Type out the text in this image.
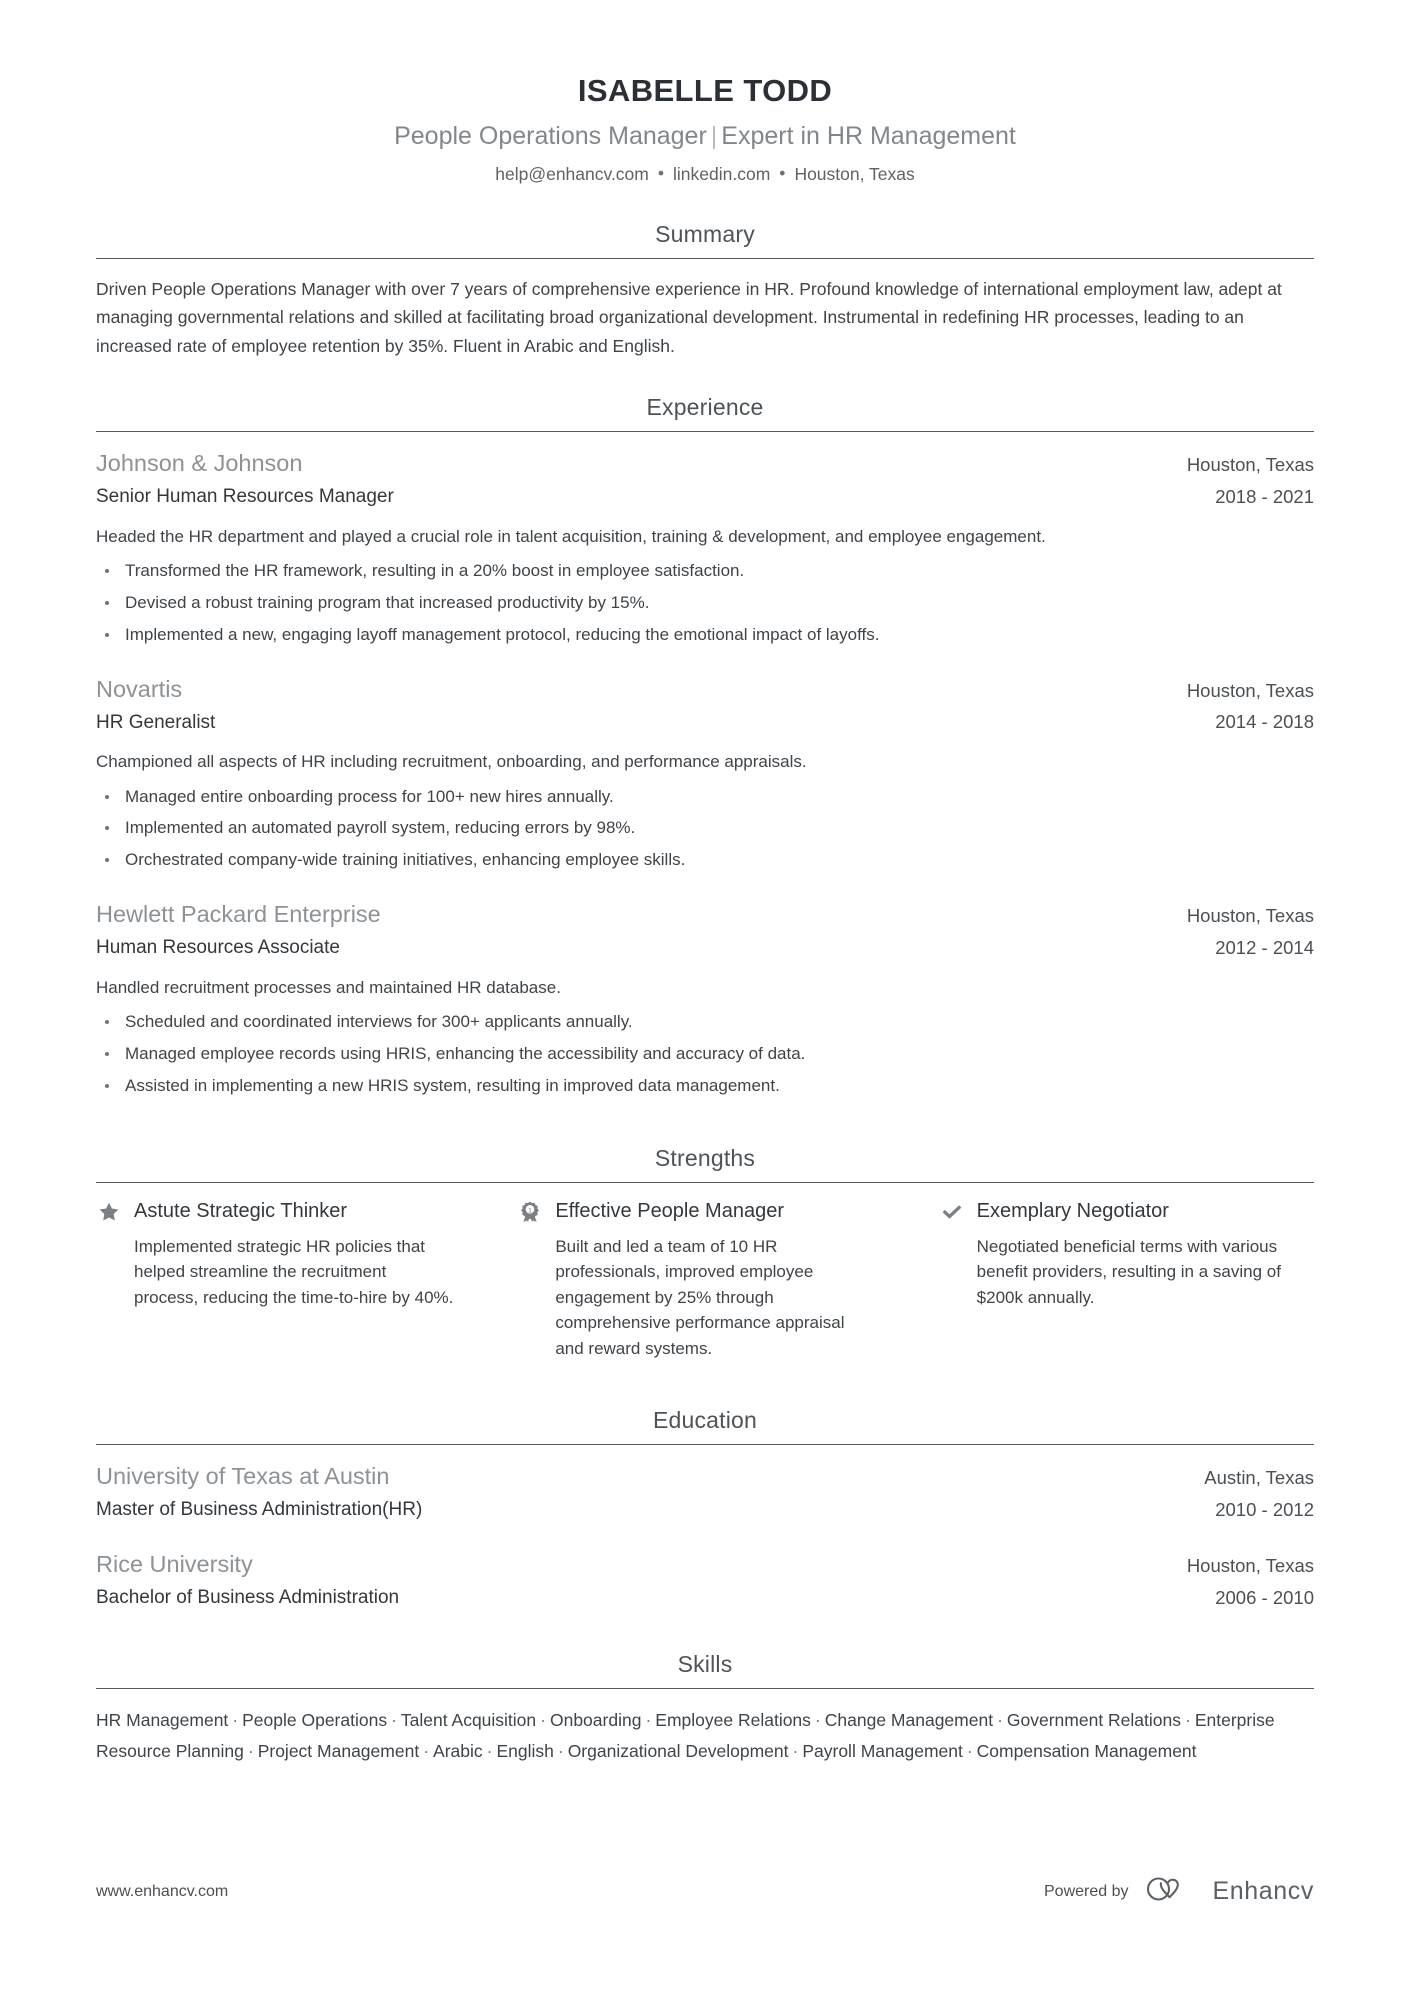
ISABELLE TODD
People Operations Manager | Expert in HR Management
help@enhancv.com • linkedin.com • Houston, Texas
Summary
Driven People Operations Manager with over 7 years of comprehensive experience in HR. Profound knowledge of international employment law, adept at managing governmental relations and skilled at facilitating broad organizational development. Instrumental in redefining HR processes, leading to an increased rate of employee retention by 35%. Fluent in Arabic and English.
Experience
Johnson & Johnson
Senior Human Resources Manager
Houston, Texas
2018 - 2021
Headed the HR department and played a crucial role in talent acquisition, training & development, and employee engagement.
Transformed the HR framework, resulting in a 20% boost in employee satisfaction.
Devised a robust training program that increased productivity by 15%.
Implemented a new, engaging layoff management protocol, reducing the emotional impact of layoffs.
Novartis
HR Generalist
Houston, Texas
2014 - 2018
Championed all aspects of HR including recruitment, onboarding, and performance appraisals.
Managed entire onboarding process for 100+ new hires annually.
Implemented an automated payroll system, reducing errors by 98%.
Orchestrated company-wide training initiatives, enhancing employee skills.
Hewlett Packard Enterprise
Human Resources Associate
Houston, Texas
2012 - 2014
Handled recruitment processes and maintained HR database.
Scheduled and coordinated interviews for 300+ applicants annually.
Managed employee records using HRIS, enhancing the accessibility and accuracy of data.
Assisted in implementing a new HRIS system, resulting in improved data management.
Strengths
Astute Strategic Thinker
Implemented strategic HR policies that helped streamline the recruitment process, reducing the time-to-hire by 40%.
1 Effective People Manager
Built and led a team of 10 HR professionals, improved employee engagement by 25% through comprehensive performance appraisal and reward systems.
Exemplary Negotiator
Negotiated beneficial terms with various benefit providers, resulting in a saving of $200k annually.
Education
University of Texas at Austin
Master of Business Administration(HR)
Austin, Texas
2010 - 2012
Rice University
Bachelor of Business Administration
Houston, Texas
2006 - 2010
Skills
HR Management · People Operations · Talent Acquisition · Onboarding · Employee Relations · Change Management · Government Relations · Enterprise Resource Planning · Project Management · Arabic · English · Organizational Development · Payroll Management · Compensation Management
www.enhancv.com	Powered by	Enhancv
